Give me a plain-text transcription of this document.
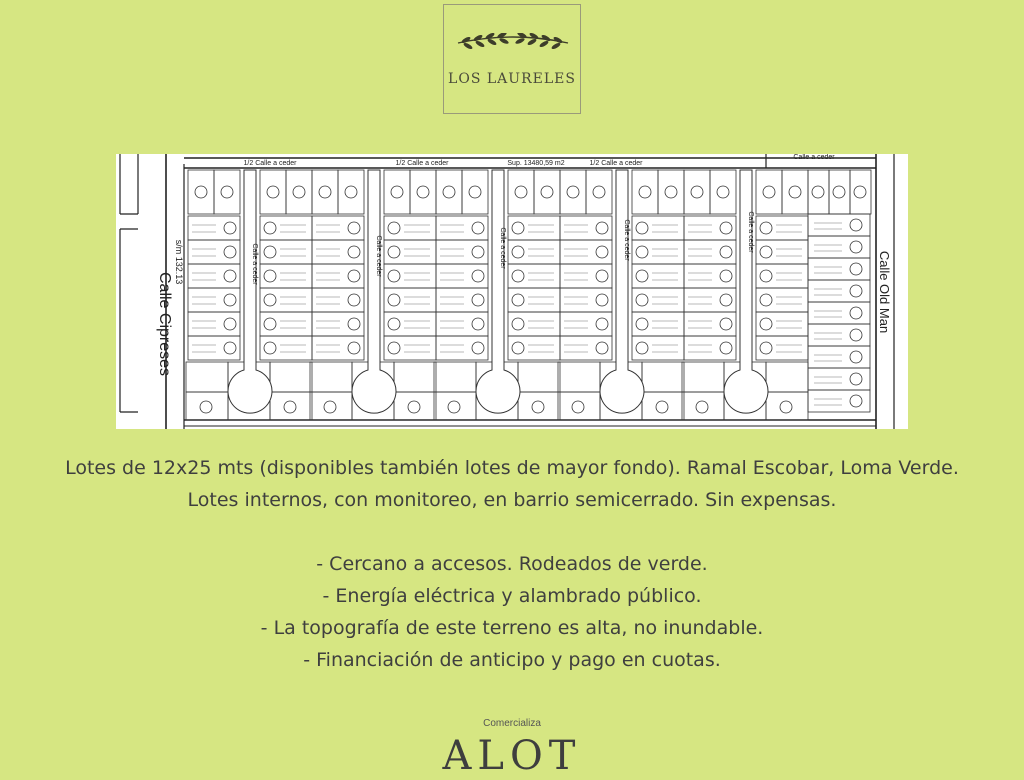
LOS LAURELES
Calle a ceder	Calle a ceder	Calle a ceder	Calle a ceder	Calle a ceder
Calle Cipreses
s/m 132.13	Calle Old Man
1/2 Calle a ceder	1/2 Calle a ceder	Sup. 13480,59 m2	1/2 Calle a ceder
Calle a ceder
Lotes de 12x25 mts (disponibles también lotes de mayor fondo). Ramal Escobar, Loma Verde.
Lotes internos, con monitoreo, en barrio semicerrado. Sin expensas.
- Cercano a accesos. Rodeados de verde.
- Energía eléctrica y alambrado público.
- La topografía de este terreno es alta, no inundable.
- Financiación de anticipo y pago en cuotas.
Comercializa
ALOT
